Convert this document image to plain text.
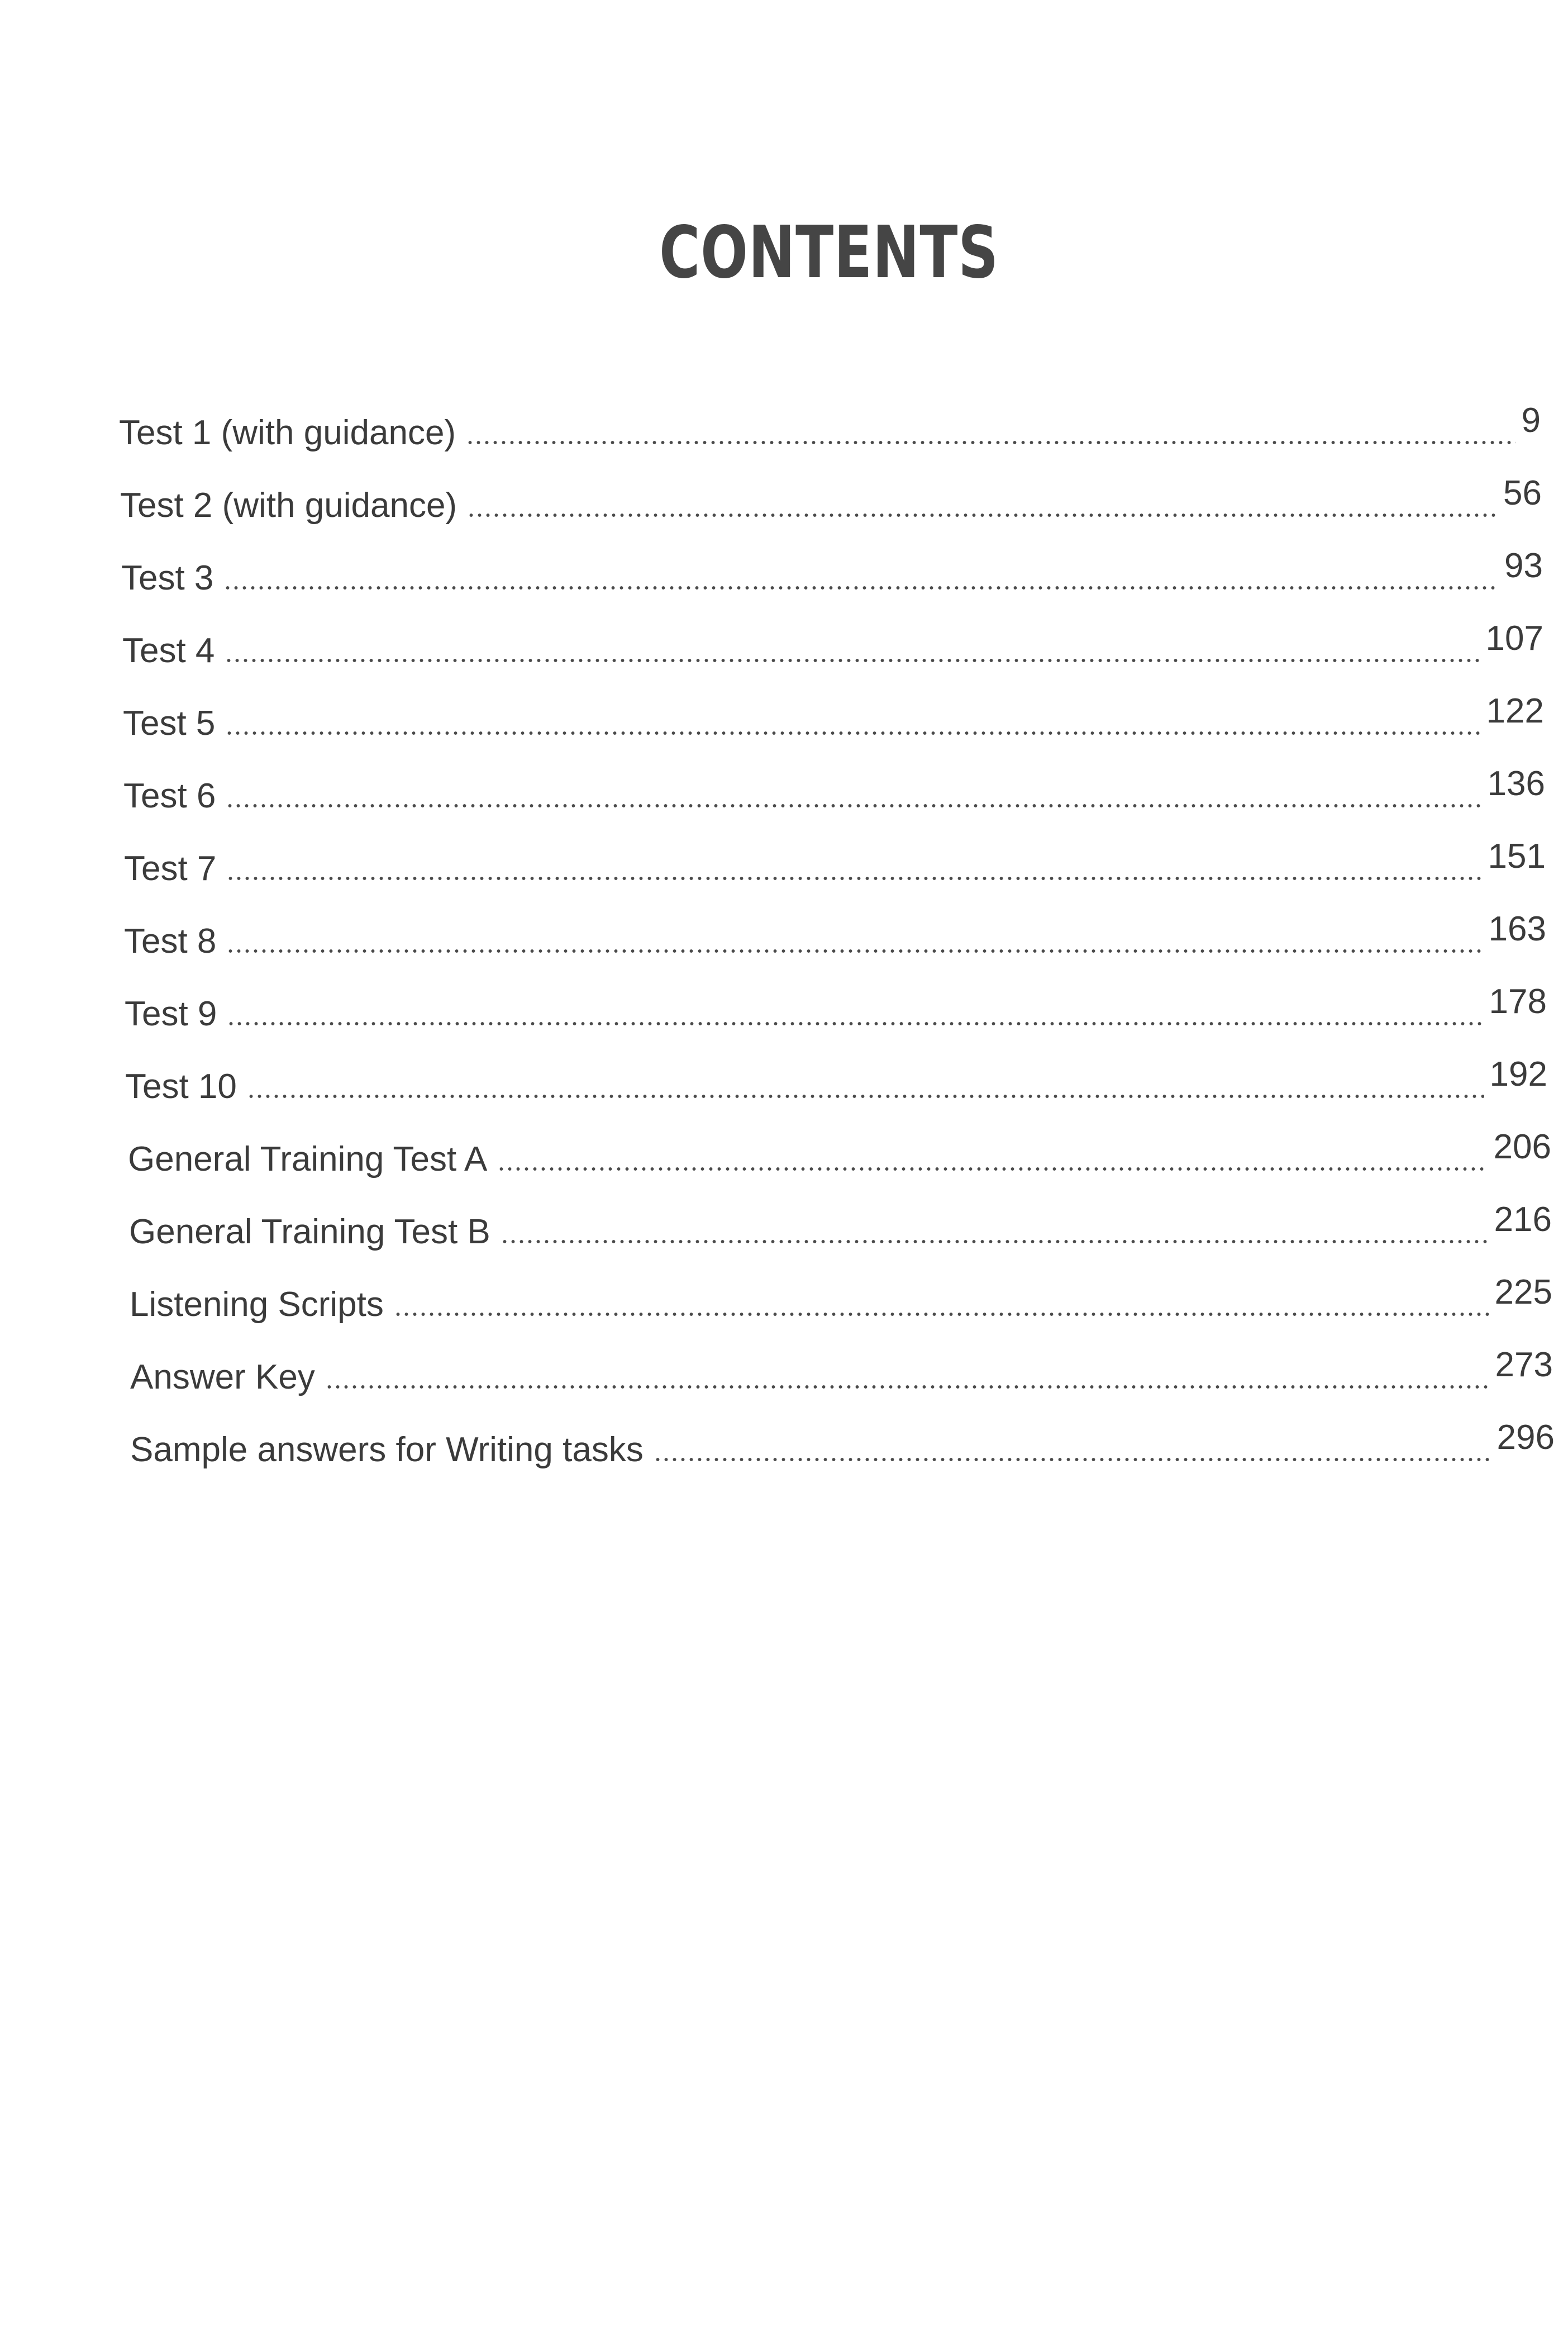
CONTENTS
Test 1 (with guidance)	9
Test 2 (with guidance)	56
Test 3	93
Test 4	107
Test 5	122
Test 6	136
Test 7	151
Test 8	163
Test 9	178
Test 10	192
General Training Test A	206
General Training Test B	216
Listening Scripts	225
Answer Key	273
Sample answers for Writing tasks	296
